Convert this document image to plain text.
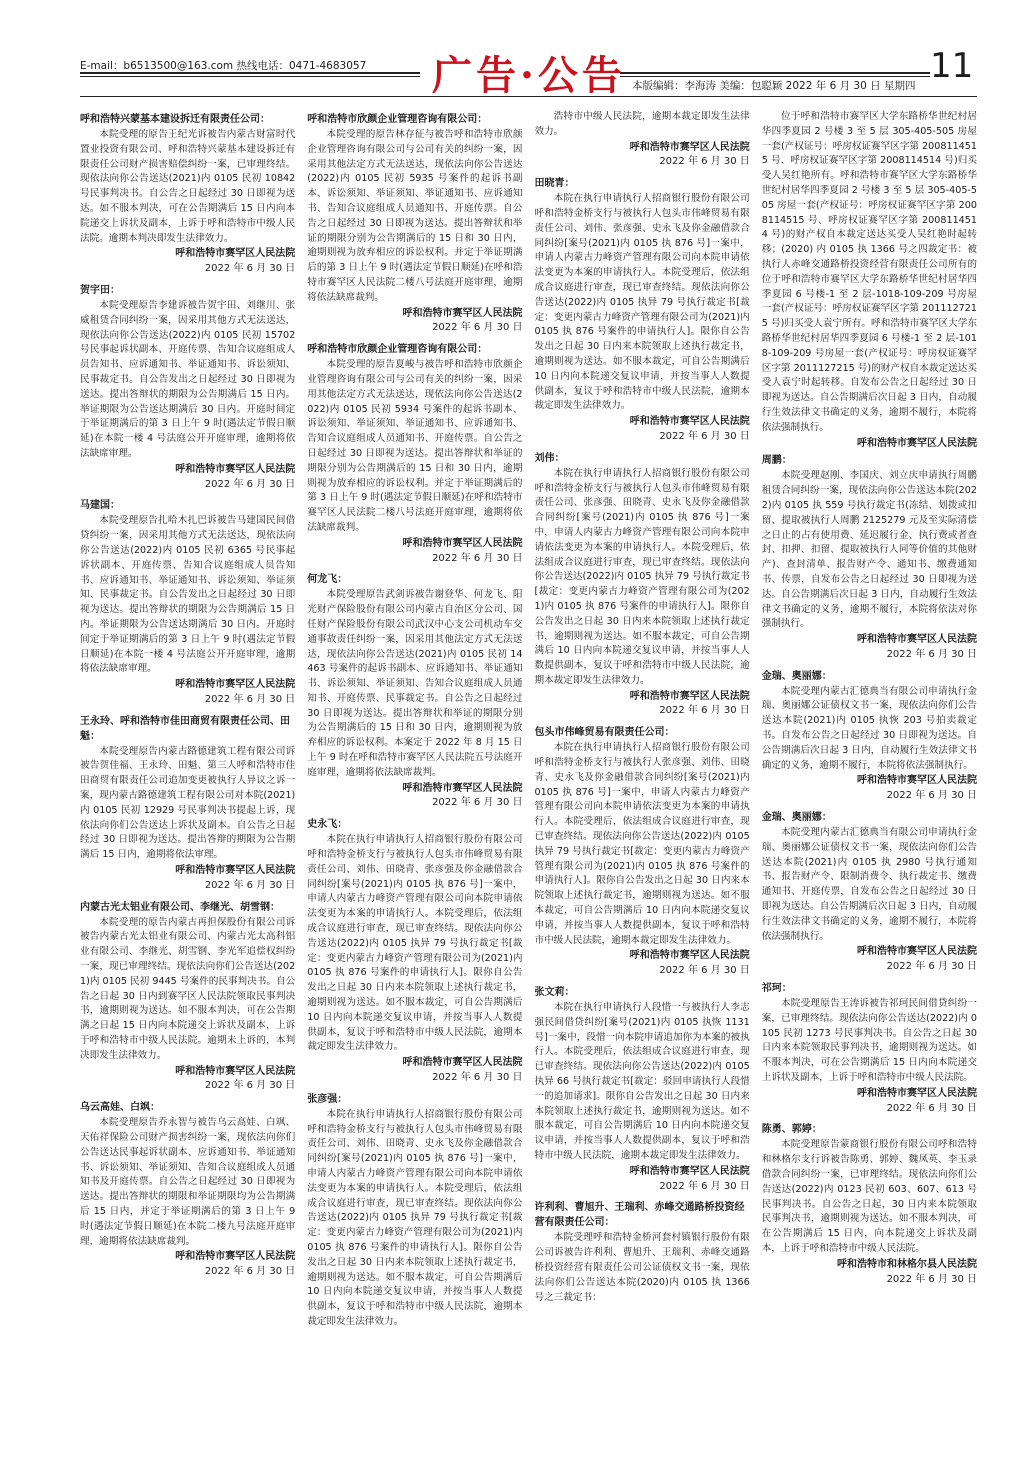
E-mail：b6513500@163.com 热线电话：0471-4683057 广告·公告 本版编辑：李海涛 美编：包聪颖 2022 年 6 月 30 日 星期四 11

呼和浩特兴蒙基本建设拆迁有限责任公司：

本院受理的原告王纪光诉被告内蒙古财富时代置业投资有限公司、呼和浩特兴蒙基本建设拆迁有限责任公司财产损害赔偿纠纷一案，已审理终结。现依法向你公告送达(2021)内 0105 民初 10842 号民事判决书。自公告之日起经过 30 日即视为送达。如不服本判决，可在公告期满后 15 日内向本院递交上诉状及副本，上诉于呼和浩特市中级人民法院。逾期本判决即发生法律效力。

呼和浩特市赛罕区人民法院

2022 年 6 月 30 日

贺宇田：

本院受理原告李建诉被告贺宇田、刘继川、张威租赁合同纠纷一案，因采用其他方式无法送达，现依法向你公告送达(2022)内 0105 民初 15702 号民事起诉状副本、开庭传票、告知合议庭组成人员告知书、应诉通知书、举证通知书、诉讼须知、民事裁定书。自公告发出之日起经过 30 日即视为送达。提出答辩状的期限为公告期满后 15 日内。举证期限为公告送达期满后 30 日内。开庭时间定于举证期满后的第 3 日上午 9 时(遇法定节假日顺延)在本院一楼 4 号法庭公开开庭审理，逾期将依法缺席审理。

呼和浩特市赛罕区人民法院

2022 年 6 月 30 日

马建国：

本院受理原告扎哈木扎巴诉被告马建国民间借贷纠纷一案，因采用其他方式无法送达，现依法向你公告送达(2022)内 0105 民初 6365 号民事起诉状副本、开庭传票、告知合议庭组成人员告知书、应诉通知书、举证通知书、诉讼须知、举证须知、民事裁定书。自公告发出之日起经过 30 日即视为送达。提出答辩状的期限为公告期满后 15 日内。举证期限为公告送达期满后 30 日内。开庭时间定于举证期满后的第 3 日上午 9 时(遇法定节假日顺延)在本院一楼 4 号法庭公开开庭审理，逾期将依法缺席审理。

呼和浩特市赛罕区人民法院

2022 年 6 月 30 日

王永玲、呼和浩特市佳田商贸有限责任公司、田魁：

本院受理原告内蒙古路德建筑工程有限公司诉被告贺佳福、王永玲、田魁、第三人呼和浩特市佳田商贸有限责任公司追加变更被执行人异议之诉一案，现内蒙古路德建筑工程有限公司对本院(2021)内 0105 民初 12929 号民事判决书提起上诉，现依法向你们公告送达上诉状及副本。自公告之日起经过 30 日即视为送达。提出答辩的期限为公告期满后 15 日内，逾期将依法审理。

呼和浩特市赛罕区人民法院

2022 年 6 月 30 日

内蒙古光太铝业有限公司、李继光、胡雪钢：

本院受理的原告内蒙古再担保股份有限公司诉被告内蒙古光太铝业有限公司、内蒙古光太高科铝业有限公司、李继光、胡雪钢、李光军追偿权纠纷一案，现已审理终结。现依法向你们公告送达(2021)内 0105 民初 9445 号案件的民事判决书。自公告之日起 30 日内到赛罕区人民法院领取民事判决书，逾期则视为送达。如不服本判决，可在公告期满之日起 15 日内向本院递交上诉状及副本，上诉于呼和浩特市中级人民法院。逾期未上诉的，本判决即发生法律效力。

呼和浩特市赛罕区人民法院

2022 年 6 月 30 日

乌云高娃、白飒：

本院受理原告乔永智与被告乌云高娃、白飒、天佑祥保险公司财产损害纠纷一案，现依法向你们公告送达民事起诉状副本、应诉通知书、举证通知书、诉讼须知、举证须知、告知合议庭组成人员通知书及开庭传票。自公告之日起经过 30 日即视为送达。提出答辩状的期限和举证期限均为公告期满后 15 日内，并定于举证期满后的第 3 日上午 9 时(遇法定节假日顺延)在本院二楼九号法庭开庭审理，逾期将依法缺席裁判。

呼和浩特市赛罕区人民法院

2022 年 6 月 30 日

呼和浩特市欣颜企业管理咨询有限公司：

本院受理的原告林存征与被告呼和浩特市欣颜企业管理咨询有限公司与公司有关的纠纷一案，因采用其他法定方式无法送达，现依法向你公告送达(2022)内 0105 民初 5935 号案件的起诉书副本、诉讼须知、举证须知、举证通知书、应诉通知书、告知合议庭组成人员通知书、开庭传票。自公告之日起经过 30 日即视为送达。提出答辩状和举证的期限分别为公告期满后的 15 日和 30 日内，逾期则视为放弃相应的诉讼权利。并定于举证期满后的第 3 日上午 9 时(遇法定节假日顺延)在呼和浩特市赛罕区人民法院二楼八号法庭开庭审理，逾期将依法缺席裁判。

呼和浩特市赛罕区人民法院

2022 年 6 月 30 日

呼和浩特市欣颜企业管理咨询有限公司：

本院受理的原告夏峻与被告呼和浩特市欣颜企业管理咨询有限公司与公司有关的纠纷一案，因采用其他法定方式无法送达，现依法向你公告送达(2022)内 0105 民初 5934 号案件的起诉书副本、诉讼须知、举证须知、举证通知书、应诉通知书、告知合议庭组成人员通知书、开庭传票。自公告之日起经过 30 日即视为送达。提出答辩状和举证的期限分别为公告期满后的 15 日和 30 日内，逾期则视为放弃相应的诉讼权利。并定于举证期满后的第 3 日上午 9 时(遇法定节假日顺延)在呼和浩特市赛罕区人民法院二楼八号法庭开庭审理，逾期将依法缺席裁判。

呼和浩特市赛罕区人民法院

2022 年 6 月 30 日

何龙飞：

本院受理原告武剑诉被告谢登华、何龙飞、阳光财产保险股份有限公司内蒙古自治区分公司、国任财产保险股份有限公司武汉中心支公司机动车交通事故责任纠纷一案，因采用其他法定方式无法送达，现依法向你公告送达(2021)内 0105 民初 14463 号案件的起诉书副本、应诉通知书、举证通知书、诉讼须知、举证须知、告知合议庭组成人员通知书、开庭传票、民事裁定书。自公告之日起经过 30 日即视为送达。提出答辩状和举证的期限分别为公告期满后的 15 日和 30 日内，逾期则视为放弃相应的诉讼权利。本案定于 2022 年 8 月 15 日上午 9 时在呼和浩特市赛罕区人民法院五号法庭开庭审理，逾期将依法缺席裁判。

呼和浩特市赛罕区人民法院

2022 年 6 月 30 日

史永飞：

本院在执行申请执行人招商银行股份有限公司呼和浩特金桥支行与被执行人包头市伟峰贸易有限责任公司、刘伟、田晓青、张彦强及你金融借款合同纠纷[案号(2021)内 0105 执 876 号]一案中，申请人内蒙古力峰资产管理有限公司向本院申请依法变更为本案的申请执行人。本院受理后，依法组成合议庭进行审查，现已审查终结。现依法向你公告送达(2022)内 0105 执异 79 号执行裁定书[裁定：变更内蒙古力峰资产管理有限公司为(2021)内 0105 执 876 号案件的申请执行人]。限你自公告发出之日起 30 日内来本院领取上述执行裁定书，逾期则视为送达。如不服本裁定，可自公告期满后 10 日内向本院递交复议申请，并按当事人人数提供副本，复议于呼和浩特市中级人民法院，逾期本裁定即发生法律效力。

呼和浩特市赛罕区人民法院

2022 年 6 月 30 日

张彦强：

本院在执行申请执行人招商银行股份有限公司呼和浩特金桥支行与被执行人包头市伟峰贸易有限责任公司、刘伟、田晓青、史永飞及你金融借款合同纠纷[案号(2021)内 0105 执 876 号]一案中，申请人内蒙古力峰资产管理有限公司向本院申请依法变更为本案的申请执行人。本院受理后，依法组成合议庭进行审查，现已审查终结。现依法向你公告送达(2022)内 0105 执异 79 号执行裁定书[裁定：变更内蒙古力峰资产管理有限公司为(2021)内 0105 执 876 号案件的申请执行人]。限你自公告发出之日起 30 日内来本院领取上述执行裁定书，逾期则视为送达。如不服本裁定，可自公告期满后 10 日内向本院递交复议申请，并按当事人人数提供副本，复议于呼和浩特市中级人民法院，逾期本裁定即发生法律效力。

浩特市中级人民法院，逾期本裁定即发生法律效力。

呼和浩特市赛罕区人民法院

2022 年 6 月 30 日

田晓青：

本院在执行申请执行人招商银行股份有限公司呼和浩特金桥支行与被执行人包头市伟峰贸易有限责任公司、刘伟、张彦强、史永飞及你金融借款合同纠纷[案号(2021)内 0105 执 876 号]一案中，申请人内蒙古力峰资产管理有限公司向本院申请依法变更为本案的申请执行人。本院受理后，依法组成合议庭进行审查，现已审查终结。现依法向你公告送达(2022)内 0105 执异 79 号执行裁定书[裁定：变更内蒙古力峰资产管理有限公司为(2021)内 0105 执 876 号案件的申请执行人]。限你自公告发出之日起 30 日内来本院领取上述执行裁定书，逾期则视为送达。如不服本裁定，可自公告期满后 10 日内向本院递交复议申请，并按当事人人数提供副本，复议于呼和浩特市中级人民法院，逾期本裁定即发生法律效力。

呼和浩特市赛罕区人民法院

2022 年 6 月 30 日

刘伟：

本院在执行申请执行人招商银行股份有限公司呼和浩特金桥支行与被执行人包头市伟峰贸易有限责任公司、张彦强、田晓青、史永飞及你金融借款合同纠纷[案号(2021)内 0105 执 876 号]一案中，申请人内蒙古力峰资产管理有限公司向本院申请依法变更为本案的申请执行人。本院受理后，依法组成合议庭进行审查，现已审查终结。现依法向你公告送达(2022)内 0105 执异 79 号执行裁定书[裁定：变更内蒙古力峰资产管理有限公司为(2021)内 0105 执 876 号案件的申请执行人]。限你自公告发出之日起 30 日内来本院领取上述执行裁定书，逾期则视为送达。如不服本裁定，可自公告期满后 10 日内向本院递交复议申请，并按当事人人数提供副本，复议于呼和浩特市中级人民法院，逾期本裁定即发生法律效力。

呼和浩特市赛罕区人民法院

2022 年 6 月 30 日

包头市伟峰贸易有限责任公司：

本院在执行申请执行人招商银行股份有限公司呼和浩特金桥支行与被执行人张彦强、刘伟、田晓青、史永飞及你金融借款合同纠纷[案号(2021)内 0105 执 876 号]一案中，申请人内蒙古力峰资产管理有限公司向本院申请依法变更为本案的申请执行人。本院受理后，依法组成合议庭进行审查，现已审查终结。现依法向你公告送达(2022)内 0105 执异 79 号执行裁定书[裁定：变更内蒙古力峰资产管理有限公司为(2021)内 0105 执 876 号案件的申请执行人]。限你自公告发出之日起 30 日内来本院领取上述执行裁定书，逾期则视为送达。如不服本裁定，可自公告期满后 10 日内向本院递交复议申请，并按当事人人数提供副本，复议于呼和浩特市中级人民法院，逾期本裁定即发生法律效力。

呼和浩特市赛罕区人民法院

2022 年 6 月 30 日

张文莉：

本院在执行申请执行人段惜一与被执行人李志强民间借贷纠纷[案号(2021)内 0105 执恢 1131 号]一案中，段惜一向本院申请追加你为本案的被执行人。本院受理后，依法组成合议庭进行审查，现已审查终结。现依法向你公告送达(2022)内 0105 执异 66 号执行裁定书[裁定：驳回申请执行人段惜一的追加请求]。限你自公告发出之日起 30 日内来本院领取上述执行裁定书，逾期则视为送达。如不服本裁定，可自公告期满后 10 日内向本院递交复议申请，并按当事人人数提供副本，复议于呼和浩特市中级人民法院，逾期本裁定即发生法律效力。

呼和浩特市赛罕区人民法院

2022 年 6 月 30 日

许利利、曹旭升、王瑞利、赤峰交通路桥投资经营有限责任公司：

本院受理呼和浩特金桥河套村镇银行股份有限公司诉被告许利利、曹旭升、王瑞利、赤峰交通路桥投资经营有限责任公司公证债权文书一案，现依法向你们公告送达本院(2020)内 0105 执 1366 号之三裁定书：

位于呼和浩特市赛罕区大学东路桥华世纪村居华四季夏园 2 号楼 3 至 5 层 305-405-505 房屋一套(产权证号：呼房权证赛罕区字第 2008114515 号、呼房权证赛罕区字第 2008114514 号)归买受人吴红艳所有。呼和浩特市赛罕区大学东路桥华世纪村居华四季夏园 2 号楼 3 至 5 层 305-405-505 房屋一套(产权证号：呼房权证赛罕区字第 2008114515 号、呼房权证赛罕区字第 2008114514 号)的财产权自本裁定送达买受人吴红艳时起转移；(2020) 内 0105 执 1366 号之四裁定书：被执行人赤峰交通路桥投资经营有限责任公司所有的位于呼和浩特市赛罕区大学东路桥华世纪村居华四季夏园 6 号楼-1 至 2 层-1018-109-209 号房屋一套(产权证号：呼房权证赛罕区字第 2011127215 号)归买受人袁宁所有。呼和浩特市赛罕区大学东路桥华世纪村居华四季夏园 6 号楼-1 至 2 层-1018-109-209 号房屋一套(产权证号：呼房权证赛罕区字第 2011127215 号)的财产权自本裁定送达买受人袁宁时起转移。自发布公告之日起经过 30 日即视为送达。自公告期满后次日起 3 日内，自动履行生效法律文书确定的义务，逾期不履行，本院将依法强制执行。

呼和浩特市赛罕区人民法院

周鹏：

本院受理赵刚、李国庆、刘立庆申请执行周鹏租赁合同纠纷一案，现依法向你公告送达本院(2022)内 0105 执 559 号执行裁定书(冻结、划拨或扣留、提取被执行人周鹏 2125279 元及至实际清偿之日止的占有使用费、延迟履行金、执行费或者查封、扣押、扣留、提取被执行人同等价值的其他财产)、查封清单、报告财产令、通知书、缴费通知书、传票，自发布公告之日起经过 30 日即视为送达。自公告期满后次日起 3 日内，自动履行生效法律文书确定的义务，逾期不履行，本院将依法对你强制执行。

呼和浩特市赛罕区人民法院

2022 年 6 月 30 日

金瑞、奥丽娜：

本院受理内蒙古汇德典当有限公司申请执行金瑞、奥丽娜公证债权文书一案，现依法向你们公告送达本院(2021)内 0105 执恢 203 号拍卖裁定书。自发布公告之日起经过 30 日即视为送达。自公告期满后次日起 3 日内，自动履行生效法律文书确定的义务，逾期不履行，本院将依法强制执行。

呼和浩特市赛罕区人民法院

2022 年 6 月 30 日

金瑞、奥丽娜：

本院受理内蒙古汇德典当有限公司申请执行金瑞、奥丽娜公证债权文书一案，现依法向你们公告送达本院(2021)内 0105 执 2980 号执行通知书、报告财产令、限制消费令、执行裁定书、缴费通知书、开庭传票，自发布公告之日起经过 30 日即视为送达。自公告期满后次日起 3 日内，自动履行生效法律文书确定的义务，逾期不履行，本院将依法强制执行。

呼和浩特市赛罕区人民法院

2022 年 6 月 30 日

祁珂：

本院受理原告王涛诉被告祁珂民间借贷纠纷一案，已审理终结。现依法向你公告送达(2022)内 0105 民初 1273 号民事判决书。自公告之日起 30 日内来本院领取民事判决书，逾期则视为送达。如不服本判决，可在公告期满后 15 日内向本院递交上诉状及副本，上诉于呼和浩特市中级人民法院。

呼和浩特市赛罕区人民法院

2022 年 6 月 30 日

陈勇、郭婷：

本院受理原告蒙商银行股份有限公司呼和浩特和林格尔支行诉被告陈勇、郭婷、魏凤英、李玉录借款合同纠纷一案，已审理终结。现依法向你们公告送达(2022)内 0123 民初 603、607、613 号民事判决书。自公告之日起，30 日内来本院领取民事判决书，逾期则视为送达。如不服本判决，可在公告期满后 15 日内，向本院递交上诉状及副本，上诉于呼和浩特市中级人民法院。

呼和浩特市和林格尔县人民法院

2022 年 6 月 30 日
